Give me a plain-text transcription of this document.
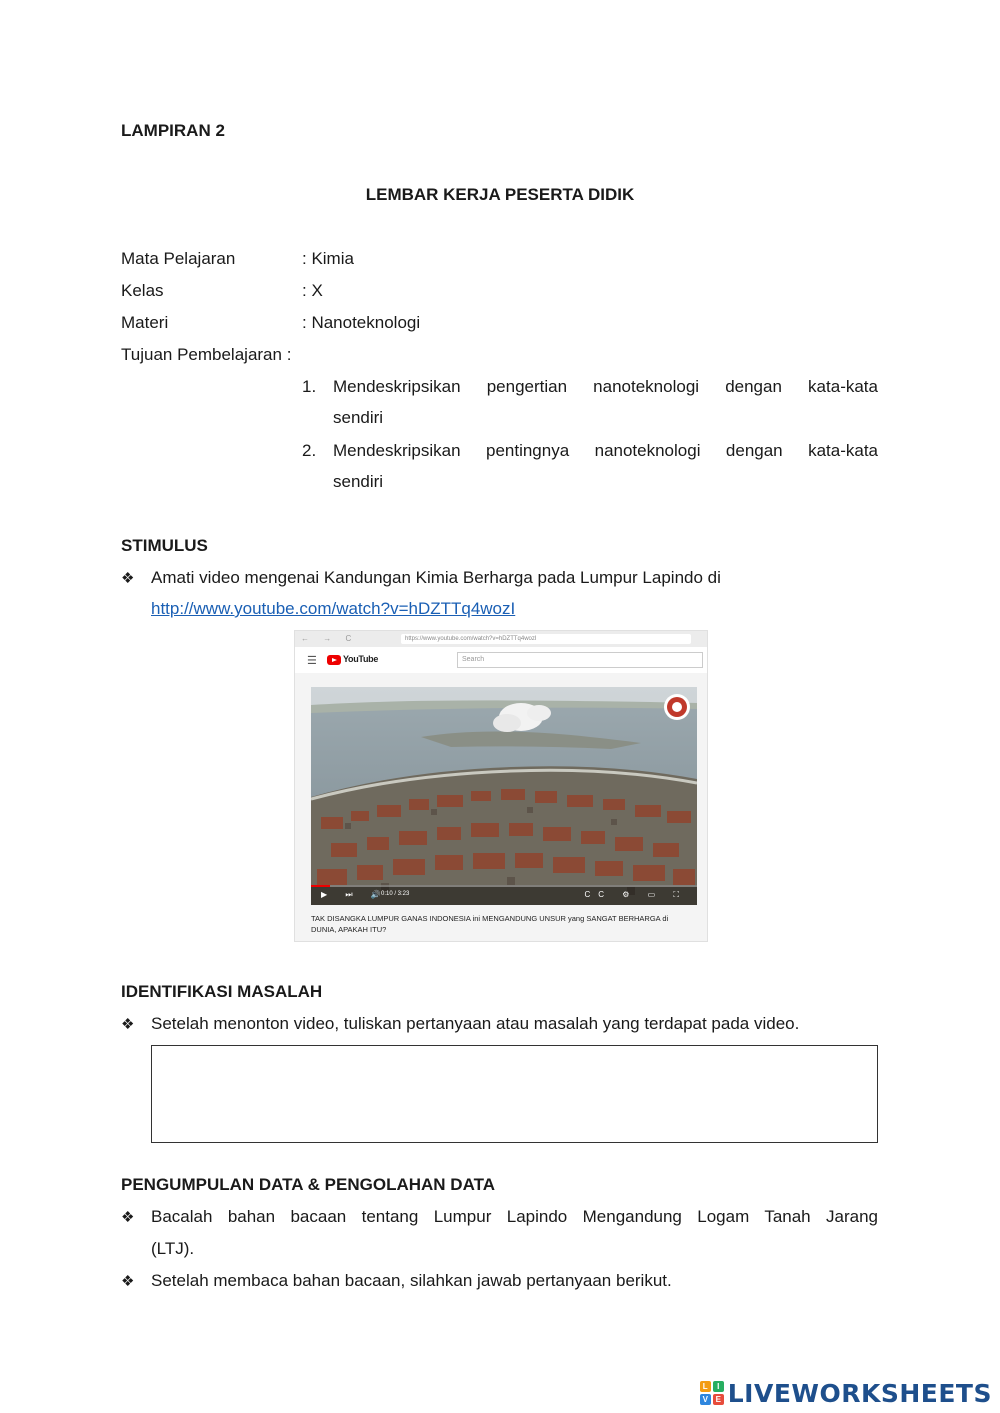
LAMPIRAN 2
LEMBAR KERJA PESERTA DIDIK
Mata Pelajaran	: Kimia
Kelas	: X
Materi	: Nanoteknologi
Tujuan Pembelajaran :
1. Mendeskripsikan pengertian nanoteknologi dengan kata-kata
sendiri
2. Mendeskripsikan pentingnya nanoteknologi dengan kata-kata
sendiri
STIMULUS
❖ Amati video mengenai Kandungan Kimia Berharga pada Lumpur Lapindo di
http://www.youtube.com/watch?v=hDZTTq4wozI
← → C	https://www.youtube.com/watch?v=hDZTTq4wozI
☰	YouTube	Search
▶ ⏭ 🔊
0:10 / 3:23	CC ⚙ ▭ ⛶
TAK DISANGKA LUMPUR GANAS INDONESIA ini MENGANDUNG UNSUR yang SANGAT BERHARGA di DUNIA, APAKAH ITU?
IDENTIFIKASI MASALAH
❖ Setelah menonton video, tuliskan pertanyaan atau masalah yang terdapat pada video.
PENGUMPULAN DATA & PENGOLAHAN DATA
❖ Bacalah bahan bacaan tentang Lumpur Lapindo Mengandung Logam Tanah Jarang
(LTJ).
❖ Setelah membaca bahan bacaan, silahkan jawab pertanyaan berikut.
L	I
V E LIVEWORKSHEETS
